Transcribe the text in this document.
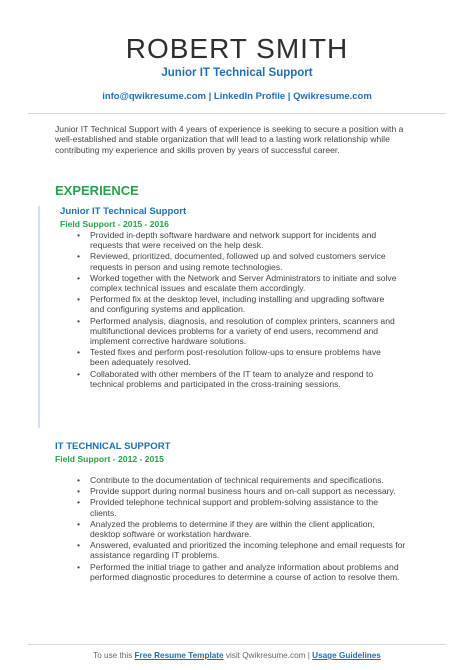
ROBERT SMITH
Junior IT Technical Support
info@qwikresume.com | LinkedIn Profile | Qwikresume.com
Junior IT Technical Support with 4 years of experience is seeking to secure a position with a well-established and stable organization that will lead to a lasting work relationship while contributing my experience and skills proven by years of successful career.
EXPERIENCE
Junior IT Technical Support
Field Support - 2015 - 2016
• Provided in-depth software hardware and network support for incidents and requests that were received on the help desk.
• Reviewed, prioritized, documented, followed up and solved customers service requests in person and using remote technologies.
• Worked together with the Network and Server Administrators to initiate and solve complex technical issues and escalate them accordingly.
• Performed fix at the desktop level, including installing and upgrading software and configuring systems and application.
• Performed analysis, diagnosis, and resolution of complex printers, scanners and multifunctional devices problems for a variety of end users, recommend and implement corrective hardware solutions.
• Tested fixes and perform post-resolution follow-ups to ensure problems have been adequately resolved.
• Collaborated with other members of the IT team to analyze and respond to technical problems and participated in the cross-training sessions.
IT TECHNICAL SUPPORT
Field Support - 2012 - 2015
• Contribute to the documentation of technical requirements and specifications.
• Provide support during normal business hours and on-call support as necessary.
• Provided telephone technical support and problem-solving assistance to the clients.
• Analyzed the problems to determine if they are within the client application, desktop software or workstation hardware.
• Answered, evaluated and prioritized the incoming telephone and email requests for assistance regarding IT problems.
• Performed the initial triage to gather and analyze information about problems and performed diagnostic procedures to determine a course of action to resolve them.
To use this Free Resume Template visit Qwikresume.com | Usage Guidelines
